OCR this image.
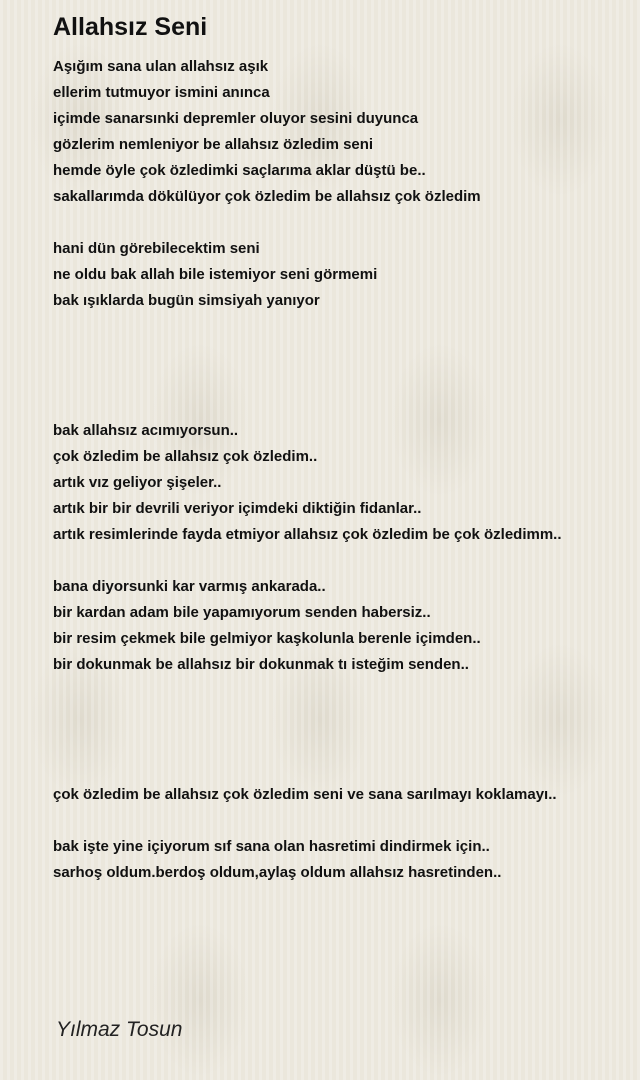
Allahsız Seni
Aşığım sana ulan allahsız aşık
ellerim tutmuyor ismini anınca
içimde sanarsınki depremler oluyor sesini duyunca
gözlerim nemleniyor be allahsız özledim seni
hemde öyle çok özledimki saçlarıma aklar düştü be..
sakallarımda dökülüyor çok özledim be allahsız çok özledim
hani dün görebilecektim seni
ne oldu bak allah bile istemiyor seni görmemi
bak ışıklarda bugün simsiyah yanıyor
bak allahsız acımıyorsun..
çok özledim be allahsız çok özledim..
artık vız geliyor şişeler..
artık bir bir devrili veriyor içimdeki diktiğin fidanlar..
artık resimlerinde fayda etmiyor allahsız çok özledim be çok özledimm..
bana diyorsunki kar varmış ankarada..
bir kardan adam bile yapamıyorum senden habersiz..
bir resim çekmek bile gelmiyor kaşkolunla berenle içimden..
bir dokunmak be allahsız bir dokunmak tı isteğim senden..
çok özledim be allahsız çok özledim seni ve sana sarılmayı koklamayı..
bak işte yine içiyorum sıf sana olan hasretimi dindirmek için..
sarhoş oldum.berdoş oldum,aylaş oldum allahsız hasretinden..
Yılmaz Tosun
